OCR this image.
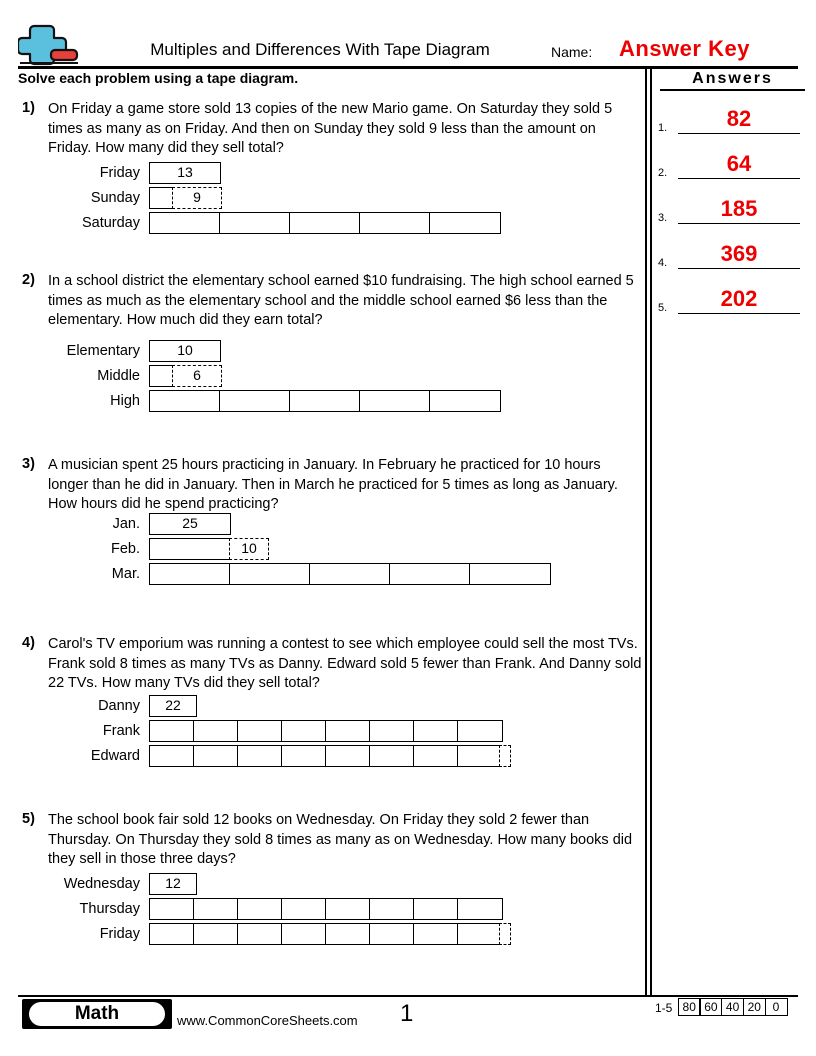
Multiples and Differences With Tape Diagram	Name: Answer Key
Solve each problem using a tape diagram.	Answers
1) On Friday a game store sold 13 copies of the new Mario game. On Saturday they sold 5 times as many as on Friday. And then on Sunday they sold 9 less than the amount on Friday. How many did they sell total?
Friday	13
Sunday	9
Saturday
2) In a school district the elementary school earned $10 fundraising. The high school earned 5 times as much as the elementary school and the middle school earned $6 less than the elementary. How much did they earn total?
Elementary	10
Middle	6
High
3) A musician spent 25 hours practicing in January. In February he practiced for 10 hours longer than he did in January. Then in March he practiced for 5 times as long as January. How hours did he spend practicing?
Jan.	25
Feb.	10
Mar.
4) Carol's TV emporium was running a contest to see which employee could sell the most TVs. Frank sold 8 times as many TVs as Danny. Edward sold 5 fewer than Frank. And Danny sold 22 TVs. How many TVs did they sell total?
Danny	22
Frank
Edward
5) The school book fair sold 12 books on Wednesday. On Friday they sold 2 fewer than Thursday. On Thursday they sold 8 times as many as on Wednesday. How many books did they sell in those three days?
Wednesday	12
Thursday
Friday
Math	www.CommonCoreSheets.com 1	1-5 80 60 40 20 0
1.	82
2.	64
3.	185
4.	369
5.	202
